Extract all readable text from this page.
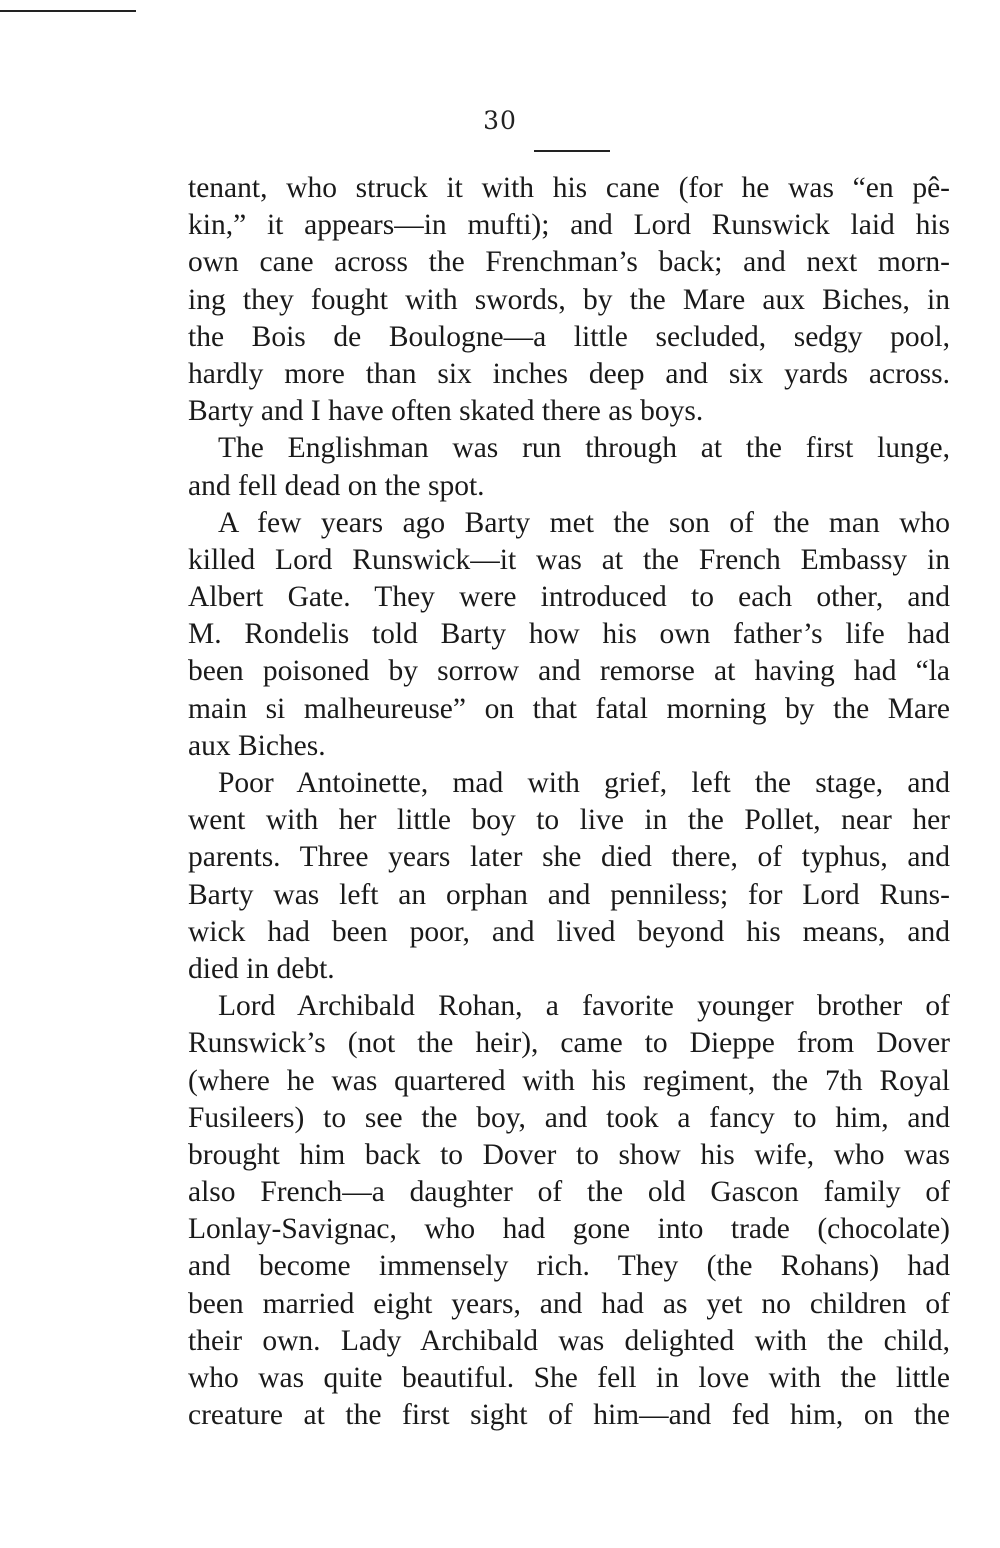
30
tenant, who struck it with his cane (for he was “en pê-
kin,” it appears—in mufti); and Lord Runswick laid his
own cane across the Frenchman’s back; and next morn-
ing they fought with swords, by the Mare aux Biches, in
the Bois de Boulogne—a little secluded, sedgy pool,
hardly more than six inches deep and six yards across.
Barty and I have often skated there as boys.
The Englishman was run through at the first lunge,
and fell dead on the spot.
A few years ago Barty met the son of the man who
killed Lord Runswick—it was at the French Embassy in
Albert Gate. They were introduced to each other, and
M. Rondelis told Barty how his own father’s life had
been poisoned by sorrow and remorse at having had “la
main si malheureuse” on that fatal morning by the Mare
aux Biches.
Poor Antoinette, mad with grief, left the stage, and
went with her little boy to live in the Pollet, near her
parents. Three years later she died there, of typhus, and
Barty was left an orphan and penniless; for Lord Runs-
wick had been poor, and lived beyond his means, and
died in debt.
Lord Archibald Rohan, a favorite younger brother of
Runswick’s (not the heir), came to Dieppe from Dover
(where he was quartered with his regiment, the 7th Royal
Fusileers) to see the boy, and took a fancy to him, and
brought him back to Dover to show his wife, who was
also French—a daughter of the old Gascon family of
Lonlay-Savignac, who had gone into trade (chocolate)
and become immensely rich. They (the Rohans) had
been married eight years, and had as yet no children of
their own. Lady Archibald was delighted with the child,
who was quite beautiful. She fell in love with the little
creature at the first sight of him—and fed him, on the
